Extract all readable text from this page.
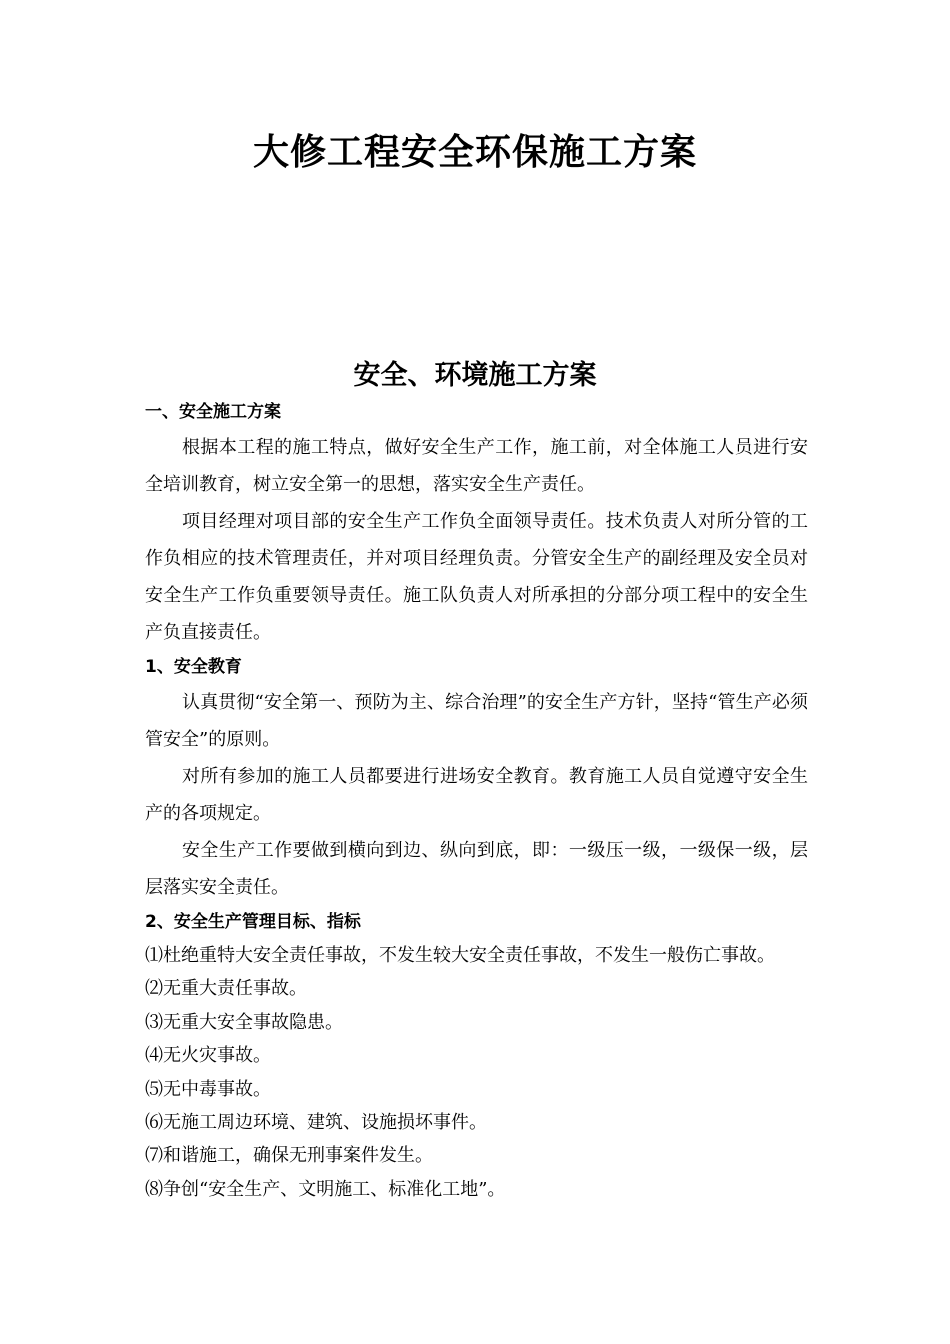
大修工程安全环保施工方案
安全、环境施工方案

一、安全施工方案

根据本工程的施工特点，做好安全生产工作，施工前，对全体施工人员进行安全培训教育，树立安全第一的思想，落实安全生产责任。

项目经理对项目部的安全生产工作负全面领导责任。技术负责人对所分管的工作负相应的技术管理责任，并对项目经理负责。分管安全生产的副经理及安全员对安全生产工作负重要领导责任。施工队负责人对所承担的分部分项工程中的安全生产负直接责任。

1、安全教育

认真贯彻“安全第一、预防为主、综合治理”的安全生产方针，坚持“管生产必须管安全”的原则。

对所有参加的施工人员都要进行进场安全教育。教育施工人员自觉遵守安全生产的各项规定。

安全生产工作要做到横向到边、纵向到底，即：一级压一级，一级保一级，层层落实安全责任。

2、安全生产管理目标、指标

⑴杜绝重特大安全责任事故，不发生较大安全责任事故，不发生一般伤亡事故。

⑵无重大责任事故。

⑶无重大安全事故隐患。

⑷无火灾事故。

⑸无中毒事故。

⑹无施工周边环境、建筑、设施损坏事件。

⑺和谐施工，确保无刑事案件发生。

⑻争创“安全生产、文明施工、标准化工地”。
